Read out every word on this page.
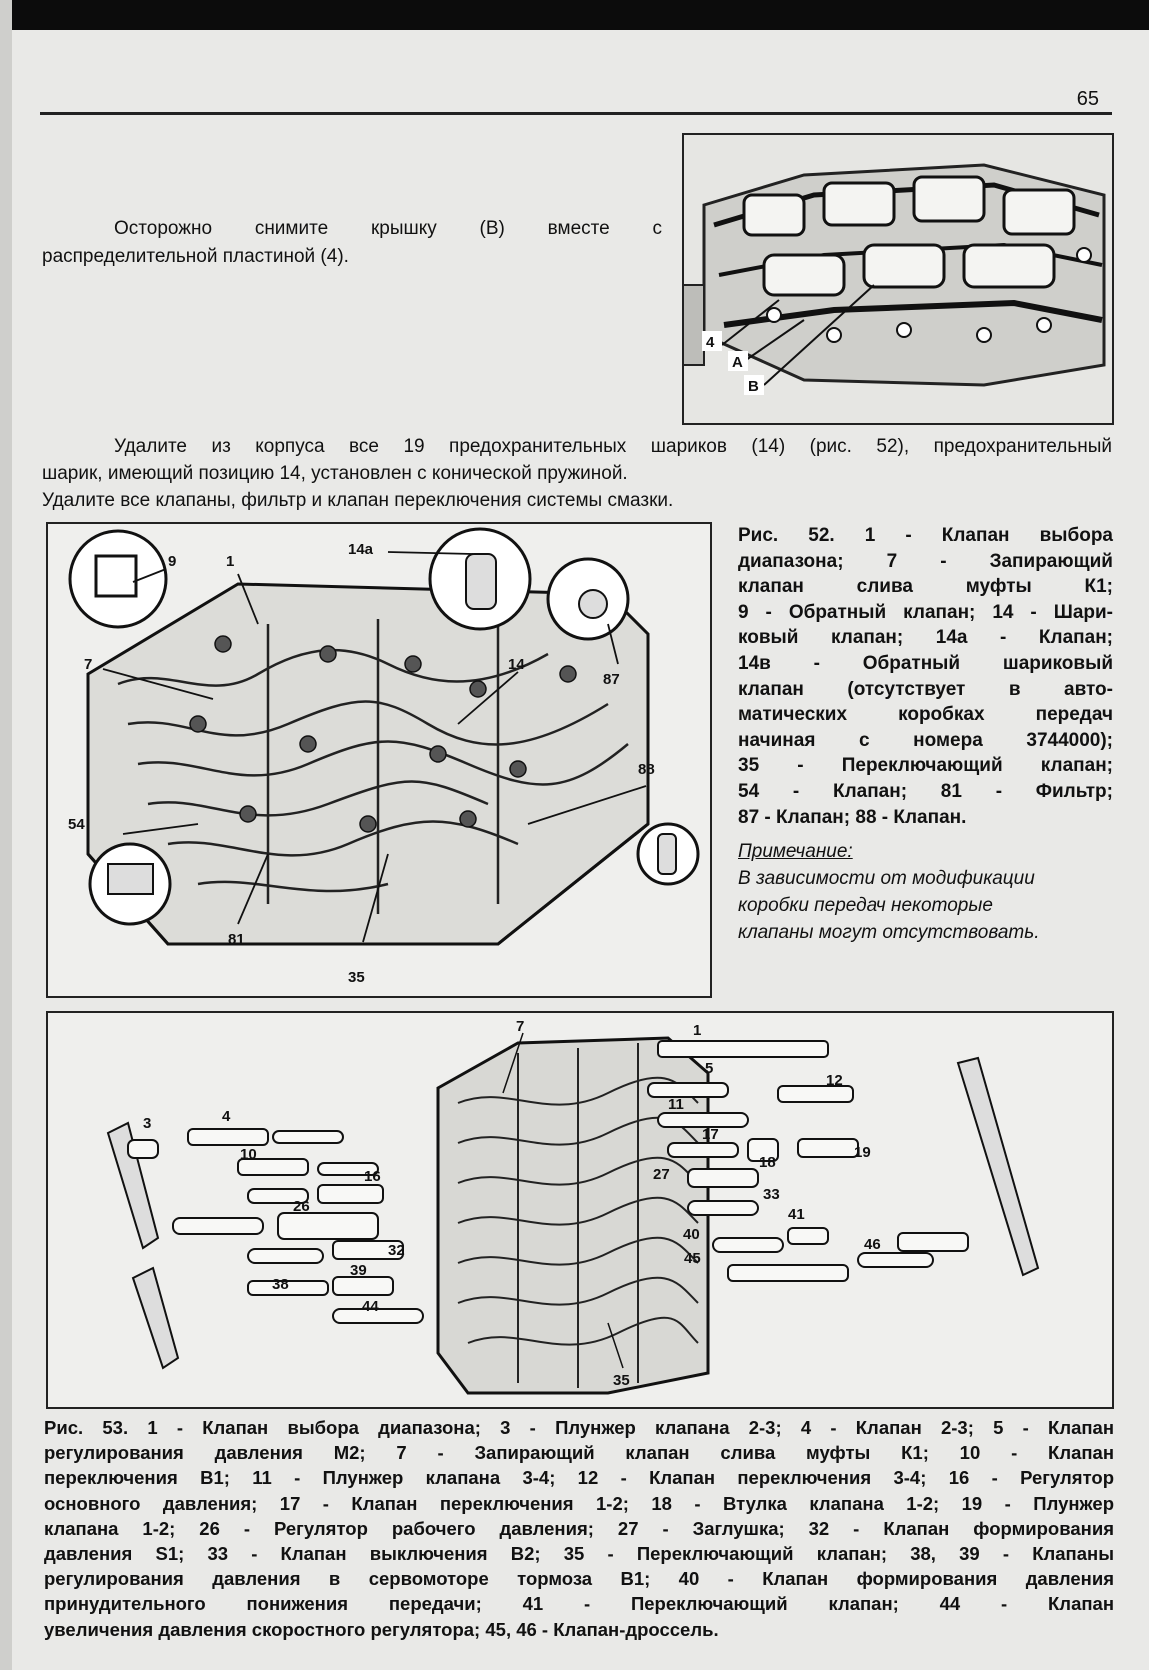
65
Осторожно снимите крышку (В) вместе с
распределительной пластиной (4).
4
A
B
Удалите из корпуса все 19 предохранительных шариков (14) (рис. 52), предохранительный
шарик, имеющий позицию 14, установлен с конической пружиной.
Удалите все клапаны, фильтр и клапан переключения системы смазки.
9	1
14a
7	14
87
88
54
81
35
Рис. 52. 1 - Клапан выбора
диапазона; 7 - Запирающий
клапан слива муфты К1;
9 - Обратный клапан; 14 - Шари-
ковый клапан; 14а - Клапан;
14в - Обратный шариковый
клапан (отсутствует в авто-
матических коробках передач
начиная с номера 3744000);
35 - Переключающий клапан;
54 - Клапан; 81 - Фильтр;
87 - Клапан; 88 - Клапан.
Примечание:
В зависимости от модификации
коробки передач некоторые
клапаны могут отсутствовать.
7	1
5
12
11
3	4
17
19
10	18
16	27
33
41
26
40
46
32	45
38
39
44
35
Рис. 53. 1 - Клапан выбора диапазона; 3 - Плунжер клапана 2-3; 4 - Клапан 2-3; 5 - Клапан
регулирования давления М2; 7 - Запирающий клапан слива муфты К1; 10 - Клапан
переключения В1; 11 - Плунжер клапана 3-4; 12 - Клапан переключения 3-4; 16 - Регулятор
основного давления; 17 - Клапан переключения 1-2; 18 - Втулка клапана 1-2; 19 - Плунжер
клапана 1-2; 26 - Регулятор рабочего давления; 27 - Заглушка; 32 - Клапан формирования
давления S1; 33 - Клапан выключения В2; 35 - Переключающий клапан; 38, 39 - Клапаны
регулирования давления в сервомоторе тормоза В1; 40 - Клапан формирования давления
принудительного понижения передачи; 41 - Переключающий клапан; 44 - Клапан
увеличения давления скоростного регулятора; 45, 46 - Клапан-дроссель.
